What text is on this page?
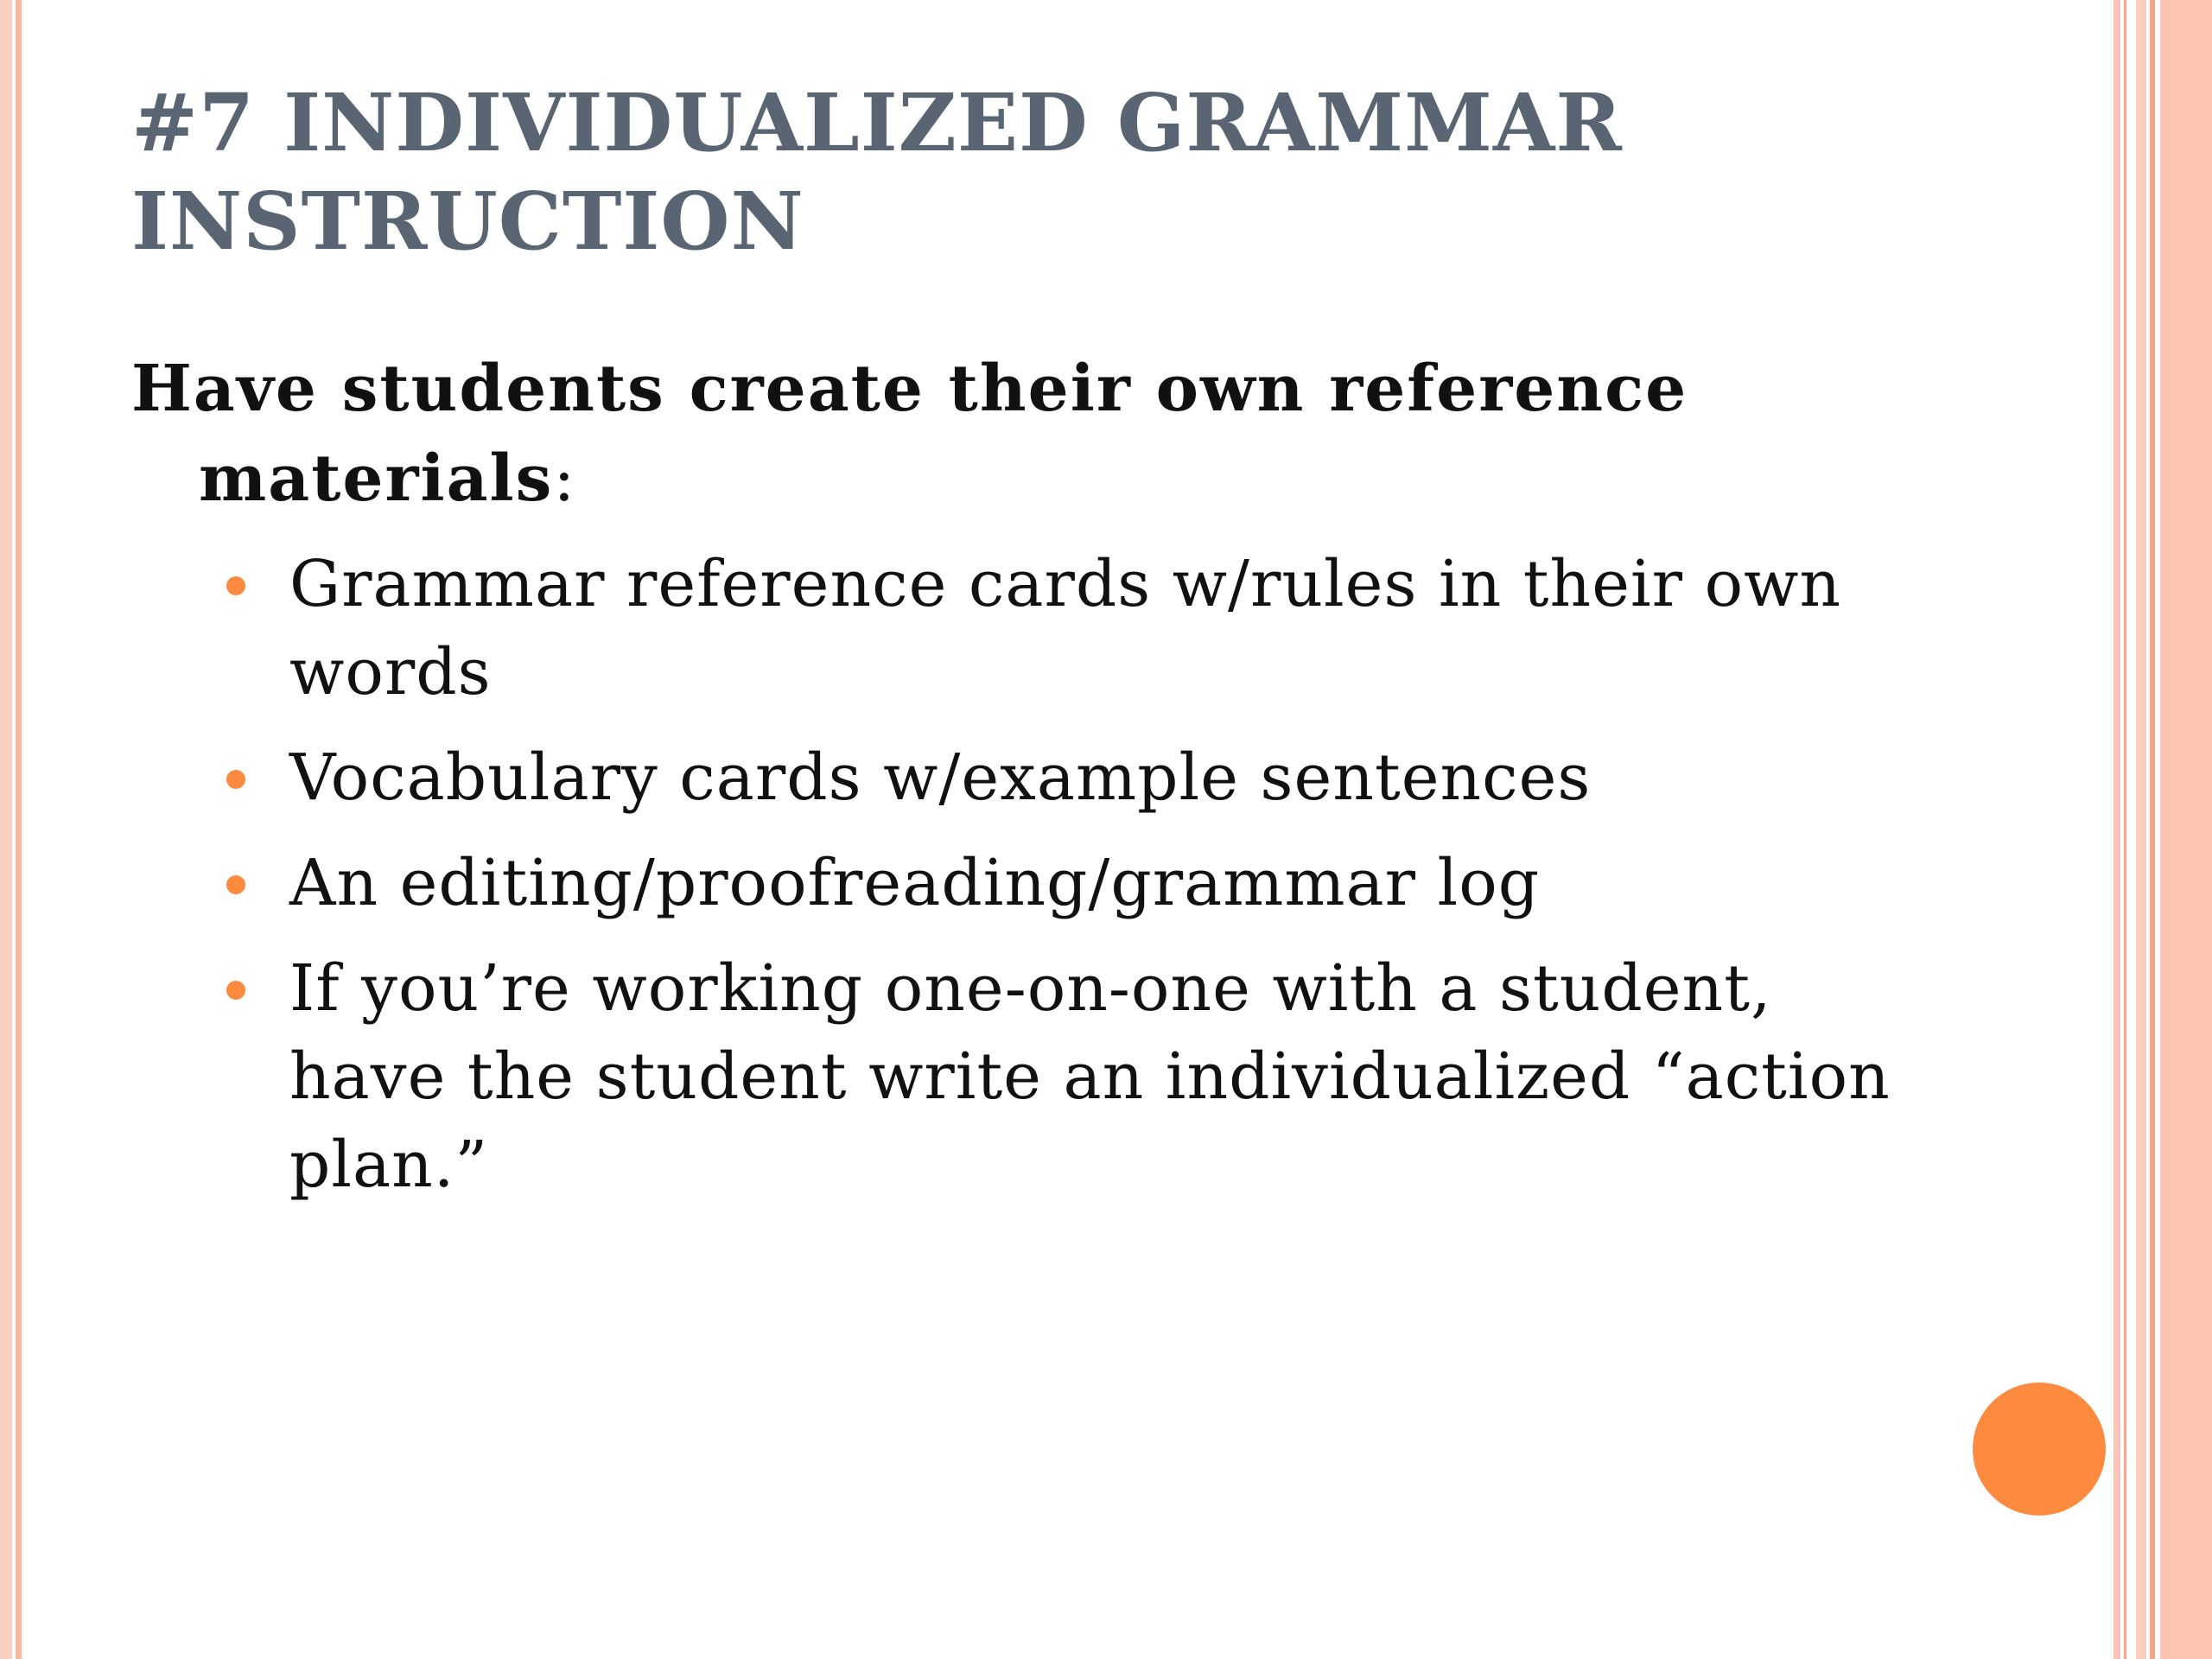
#7 INDIVIDUALIZED GRAMMAR
INSTRUCTION

Have students create their own reference materials:

Grammar reference cards w/rules in their own words
Vocabulary cards w/example sentences
An editing/proofreading/grammar log
If you’re working one-on-one with a student, have the student write an individualized “action plan.”
